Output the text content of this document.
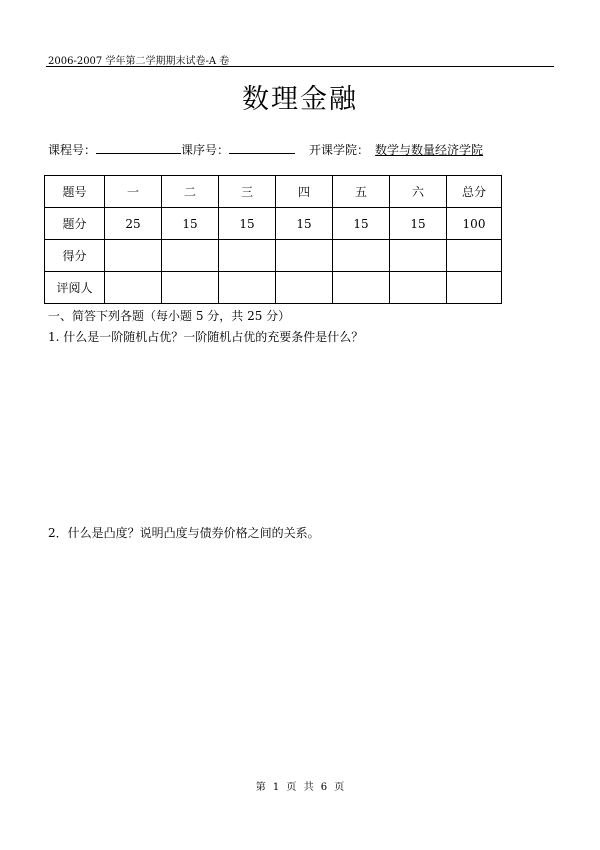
2006-2007 学年第二学期期末试卷-A 卷
数理金融
课程号：	课序号：	开课学院： 数学与数量经济学院
题号	一	二	三	四	五	六	总分
题分	25	15	15	15	15	15	100
得分							
评阅人							
一、简答下列各题（每小题 5 分，共 25 分）
1. 什么是一阶随机占优？一阶随机占优的充要条件是什么？
2．什么是凸度？说明凸度与债券价格之间的关系。
第 1 页 共 6 页
